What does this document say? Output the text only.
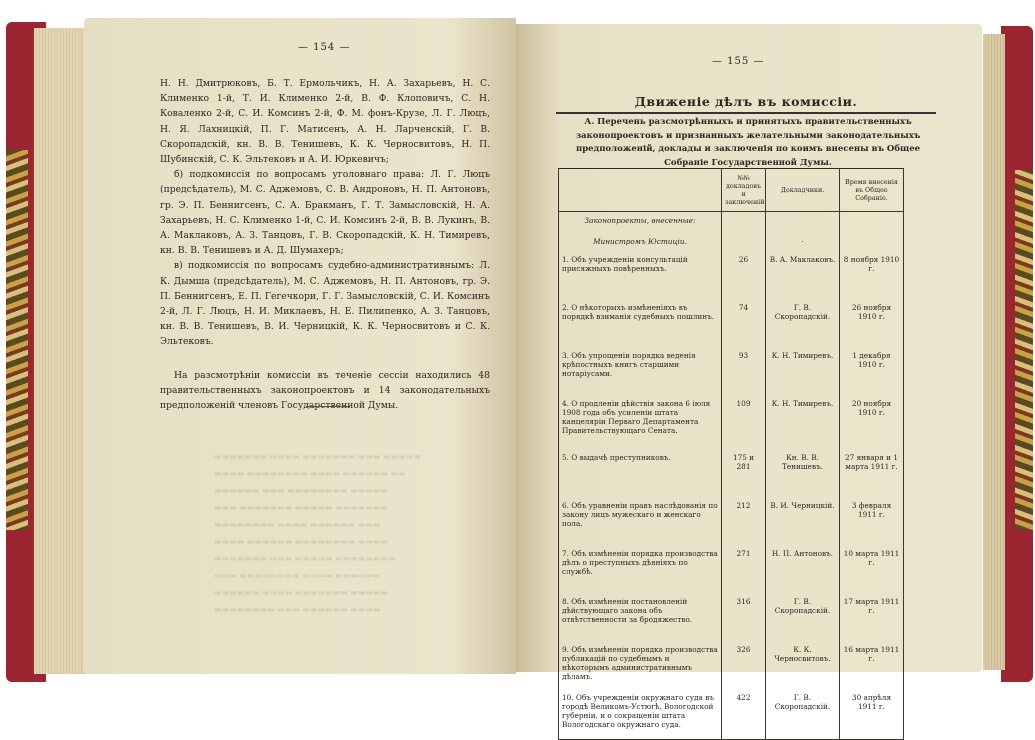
— 154 —

Н. Н. Дмитрюковъ, Б. Т. Ермольчикъ, Н. А. Захарьевъ, Н. С. Клименко 1-й, Т. И. Клименко 2-й, В. Ф. Клоповичъ, С. Н. Коваленко 2-й, С. И. Комсинъ 2-й, Ф. М. фонъ-Крузе, Л. Г. Люцъ, Н. Я. Лахницкій, П. Г. Матисенъ, А. Н. Ларченскій, Г. В. Скоропадскій, кн. В. В. Тенишевъ, К. К. Черносвитовъ, Н. П. Шубинскій, С. К. Эльтековъ и А. И. Юркевичъ;

б) подкомиссія по вопросамъ уголовнаго права: Л. Г. Люцъ (предсѣдатель), М. С. Аджемовъ, С. В. Андроновъ, Н. П. Антоновъ, гр. Э. П. Беннигсенъ, С. А. Бракманъ, Г. Т. Замысловскій, Н. А. Захарьевъ, Н. С. Клименко 1-й, С. И. Комсинъ 2-й, В. В. Лукинъ, В. А. Маклаковъ, А. З. Танцовъ, Г. В. Скоропадскій, К. Н. Тимиревъ, кн. В. В. Тенишевъ и А. Д. Шумахеръ;

в) подкомиссія по вопросамъ судебно-административнымъ: Л. К. Дымша (предсѣдатель), М. С. Аджемовъ, Н. П. Антоновъ, гр. Э. П. Беннигсенъ, Е. П. Гегечкори, Г. Г. Замысловскій, С. И. Комсинъ 2-й, Л. Г. Люцъ, Н. И. Миклаевъ, Н. Е. Пилипенко, А. З. Танцовъ, кн. В. В. Тенишевъ, В. И. Черницкій, К. К. Черносвитовъ и С. К. Эльтековъ.

На разсмотрѣніи комиссіи въ теченіе сессіи находились 48 правительственныхъ законопроектовъ и 14 законодательныхъ предположеній членовъ Государственной Думы.

▬▬▬▬▬▬▬ ▬▬▬▬ ▬▬▬▬▬▬▬ ▬▬▬ ▬▬▬▬▬
▬▬▬▬ ▬▬▬▬▬▬▬▬ ▬▬▬▬ ▬▬▬▬▬▬ ▬▬
▬▬▬▬▬▬ ▬▬▬ ▬▬▬▬▬▬▬▬ ▬▬▬▬▬
▬▬▬ ▬▬▬▬▬▬▬ ▬▬▬▬▬ ▬▬▬▬▬▬▬
▬▬▬▬▬▬▬▬ ▬▬▬▬ ▬▬▬▬▬▬ ▬▬▬
▬▬▬▬ ▬▬▬▬▬▬ ▬▬▬▬▬▬▬▬ ▬▬▬▬
▬▬▬▬▬▬▬ ▬▬▬ ▬▬▬▬▬ ▬▬▬▬▬▬▬▬
▬▬▬ ▬▬▬▬▬▬▬▬ ▬▬▬▬ ▬▬▬▬▬▬
▬▬▬▬▬▬ ▬▬▬▬ ▬▬▬▬▬▬▬ ▬▬▬▬▬
▬▬▬▬▬▬▬▬ ▬▬▬ ▬▬▬▬▬▬ ▬▬▬▬
— 155 —
Движеніе дѣлъ въ комиссіи.
А. Перечень разсмотрѣнныхъ и принятыхъ правительственныхъ законопроектовъ и признанныхъ желательными законодательныхъ предположеній, доклады и заключенія по коимъ внесены въ Общее Собраніе Государственной Думы.
	№№ докладовъ и заключеній	Докладчики.	Время внесенія въ Общее Собраніе.
Законопроекты, внесенные:			
Министромъ Юстиціи.		·	
1. Объ учрежденіи консультацій присяжныхъ повѣренныхъ.	26	В. А. Маклаковъ.	8 ноября 1910 г.
2. О нѣкоторыхъ измѣненіяхъ въ порядкѣ взиманія судебныхъ пошлинъ.	74	Г. В. Скоропадскій.	26 ноября 1910 г.
3. Объ упрощеніи порядка веденія крѣпостныхъ книгъ старшими нотаріусами.	93	К. Н. Тимиревъ.	1 декабря 1910 г.
4. О продленіи дѣйствія закона 6 іюля 1908 года объ усиленіи штата канцеляріи Перваго Департамента Правительствующаго Сената.	109	К. Н. Тимиревъ.	20 ноября 1910 г.
5. О выдачѣ преступниковъ.	175 и 281	Кн. В. В. Тенишевъ.	27 января и 1 марта 1911 г.
6. Объ уравненіи правъ наслѣдованія по закону лицъ мужескаго и женскаго пола.	212	В. И. Черницкій.	3 февраля 1911 г.
7. Объ измѣненіи порядка производства дѣлъ о преступныхъ дѣяніяхъ по службѣ.	271	Н. П. Антоновъ.	10 марта 1911 г.
8. Объ измѣненіи постановленій дѣйствующаго закона объ отвѣтственности за бродяжество.	316	Г. В. Скоропадскій.	17 марта 1911 г.
9. Объ измѣненіи порядка производства публикацій по судебнымъ и нѣкоторымъ административнымъ дѣламъ.	326	К. К. Черносвитовъ.	16 марта 1911 г.
10. Объ учрежденіи окружнаго суда въ городѣ Великомъ-Устюгѣ, Вологодской губерніи, и о сокращеніи штата Вологодскаго окружнаго суда.	422	Г. В. Скоропадскій.	30 апрѣля 1911 г.
